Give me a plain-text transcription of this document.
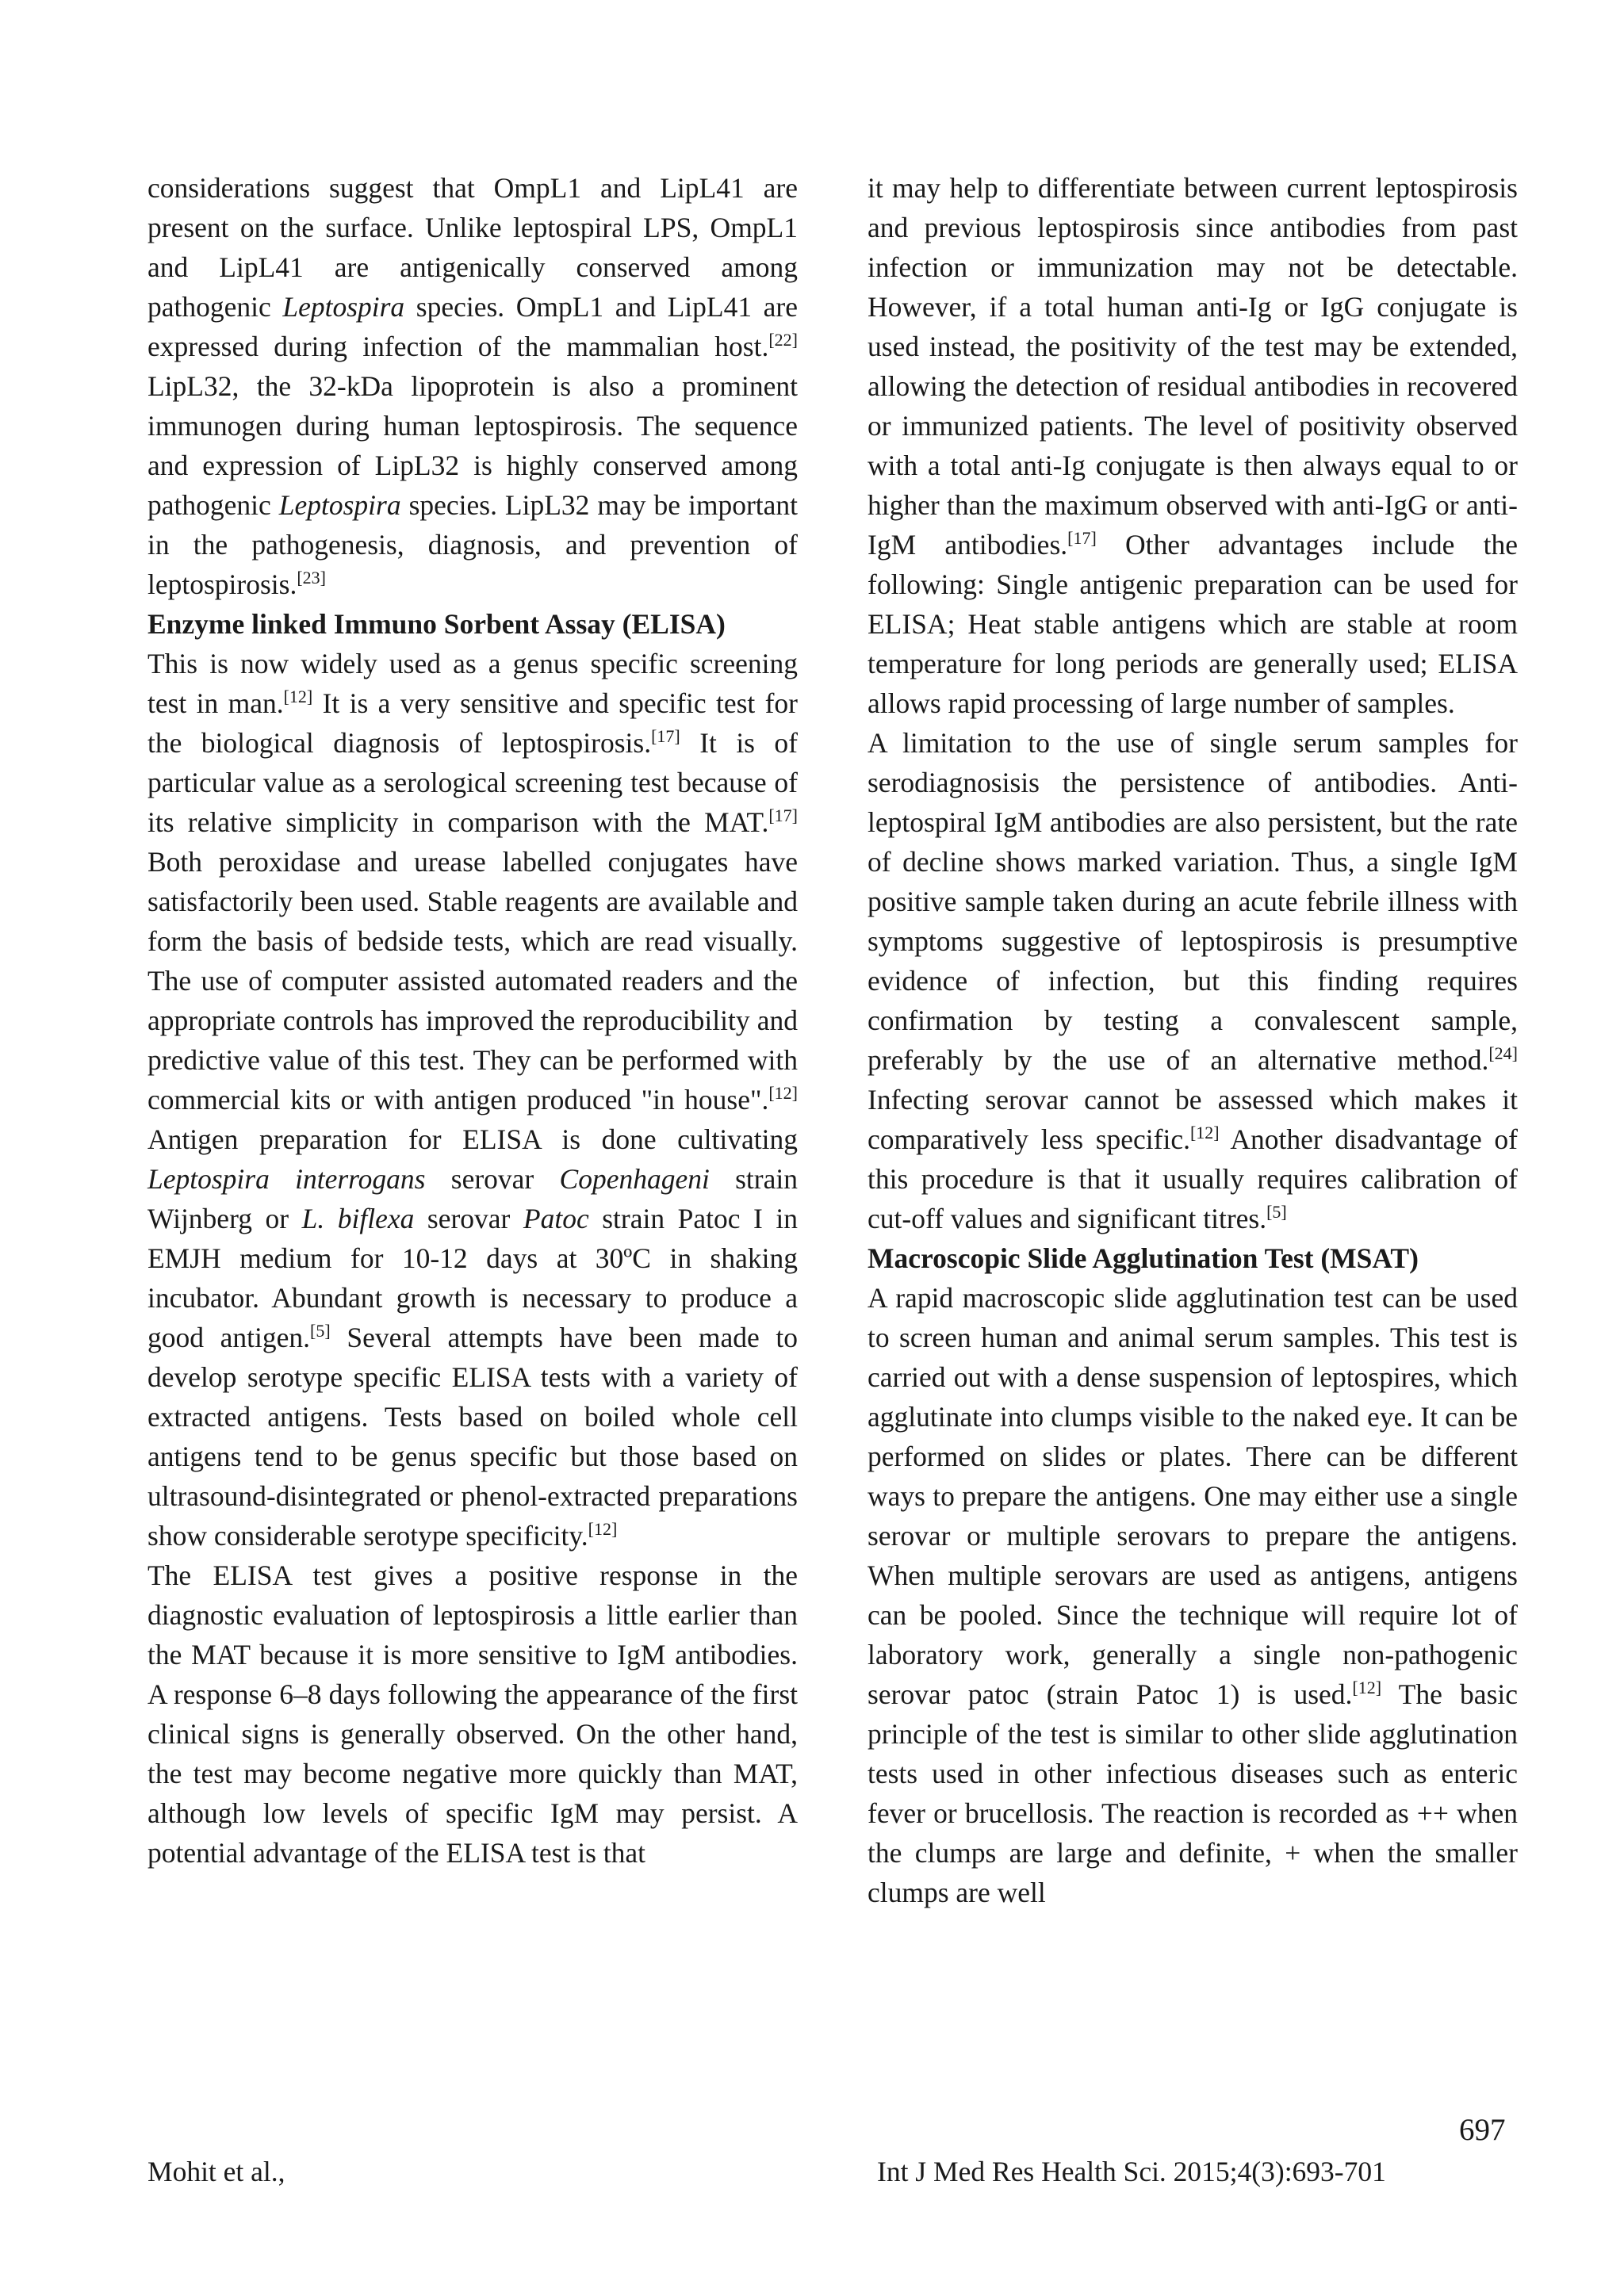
considerations suggest that OmpL1 and LipL41 are present on the surface. Unlike leptospiral LPS, OmpL1 and LipL41 are antigenically conserved among pathogenic Leptospira species. OmpL1 and LipL41 are expressed during infection of the mammalian host.[22] LipL32, the 32-kDa lipoprotein is also a prominent immunogen during human leptospirosis. The sequence and expression of LipL32 is highly conserved among pathogenic Leptospira species. LipL32 may be important in the pathogenesis, diagnosis, and prevention of leptospirosis.[23]

Enzyme linked Immuno Sorbent Assay (ELISA)

This is now widely used as a genus specific screening test in man.[12] It is a very sensitive and specific test for the biological diagnosis of leptospirosis.[17] It is of particular value as a serological screening test because of its relative simplicity in comparison with the MAT.[17] Both peroxidase and urease labelled conjugates have satisfactorily been used. Stable reagents are available and form the basis of bedside tests, which are read visually. The use of computer assisted automated readers and the appropriate controls has improved the reproducibility and predictive value of this test. They can be performed with commercial kits or with antigen produced "in house".[12] Antigen preparation for ELISA is done cultivating Leptospira interrogans serovar Copenhageni strain Wijnberg or L. biflexa serovar Patoc strain Patoc I in EMJH medium for 10-12 days at 30ºC in shaking incubator. Abundant growth is necessary to produce a good antigen.[5] Several attempts have been made to develop serotype specific ELISA tests with a variety of extracted antigens. Tests based on boiled whole cell antigens tend to be genus specific but those based on ultrasound-disintegrated or phenol-extracted preparations show considerable serotype specificity.[12]

The ELISA test gives a positive response in the diagnostic evaluation of leptospirosis a little earlier than the MAT because it is more sensitive to IgM antibodies. A response 6–8 days following the appearance of the first clinical signs is generally observed. On the other hand, the test may become negative more quickly than MAT, although low levels of specific IgM may persist. A potential advantage of the ELISA test is that

it may help to differentiate between current leptospirosis and previous leptospirosis since antibodies from past infection or immunization may not be detectable. However, if a total human anti-Ig or IgG conjugate is used instead, the positivity of the test may be extended, allowing the detection of residual antibodies in recovered or immunized patients. The level of positivity observed with a total anti-Ig conjugate is then always equal to or higher than the maximum observed with anti-IgG or anti-IgM antibodies.[17] Other advantages include the following: Single antigenic preparation can be used for ELISA; Heat stable antigens which are stable at room temperature for long periods are generally used; ELISA allows rapid processing of large number of samples.

A limitation to the use of single serum samples for serodiagnosisis the persistence of antibodies. Anti-leptospiral IgM antibodies are also persistent, but the rate of decline shows marked variation. Thus, a single IgM positive sample taken during an acute febrile illness with symptoms suggestive of leptospirosis is presumptive evidence of infection, but this finding requires confirmation by testing a convalescent sample, preferably by the use of an alternative method.[24] Infecting serovar cannot be assessed which makes it comparatively less specific.[12] Another disadvantage of this procedure is that it usually requires calibration of cut-off values and significant titres.[5]

Macroscopic Slide Agglutination Test (MSAT)

A rapid macroscopic slide agglutination test can be used to screen human and animal serum samples. This test is carried out with a dense suspension of leptospires, which agglutinate into clumps visible to the naked eye. It can be performed on slides or plates. There can be different ways to prepare the antigens. One may either use a single serovar or multiple serovars to prepare the antigens. When multiple serovars are used as antigens, antigens can be pooled. Since the technique will require lot of laboratory work, generally a single non-pathogenic serovar patoc (strain Patoc 1) is used.[12] The basic principle of the test is similar to other slide agglutination tests used in other infectious diseases such as enteric fever or brucellosis. The reaction is recorded as ++ when the clumps are large and definite, + when the smaller clumps are well

697
Mohit et al.,	Int J Med Res Health Sci. 2015;4(3):693-701
